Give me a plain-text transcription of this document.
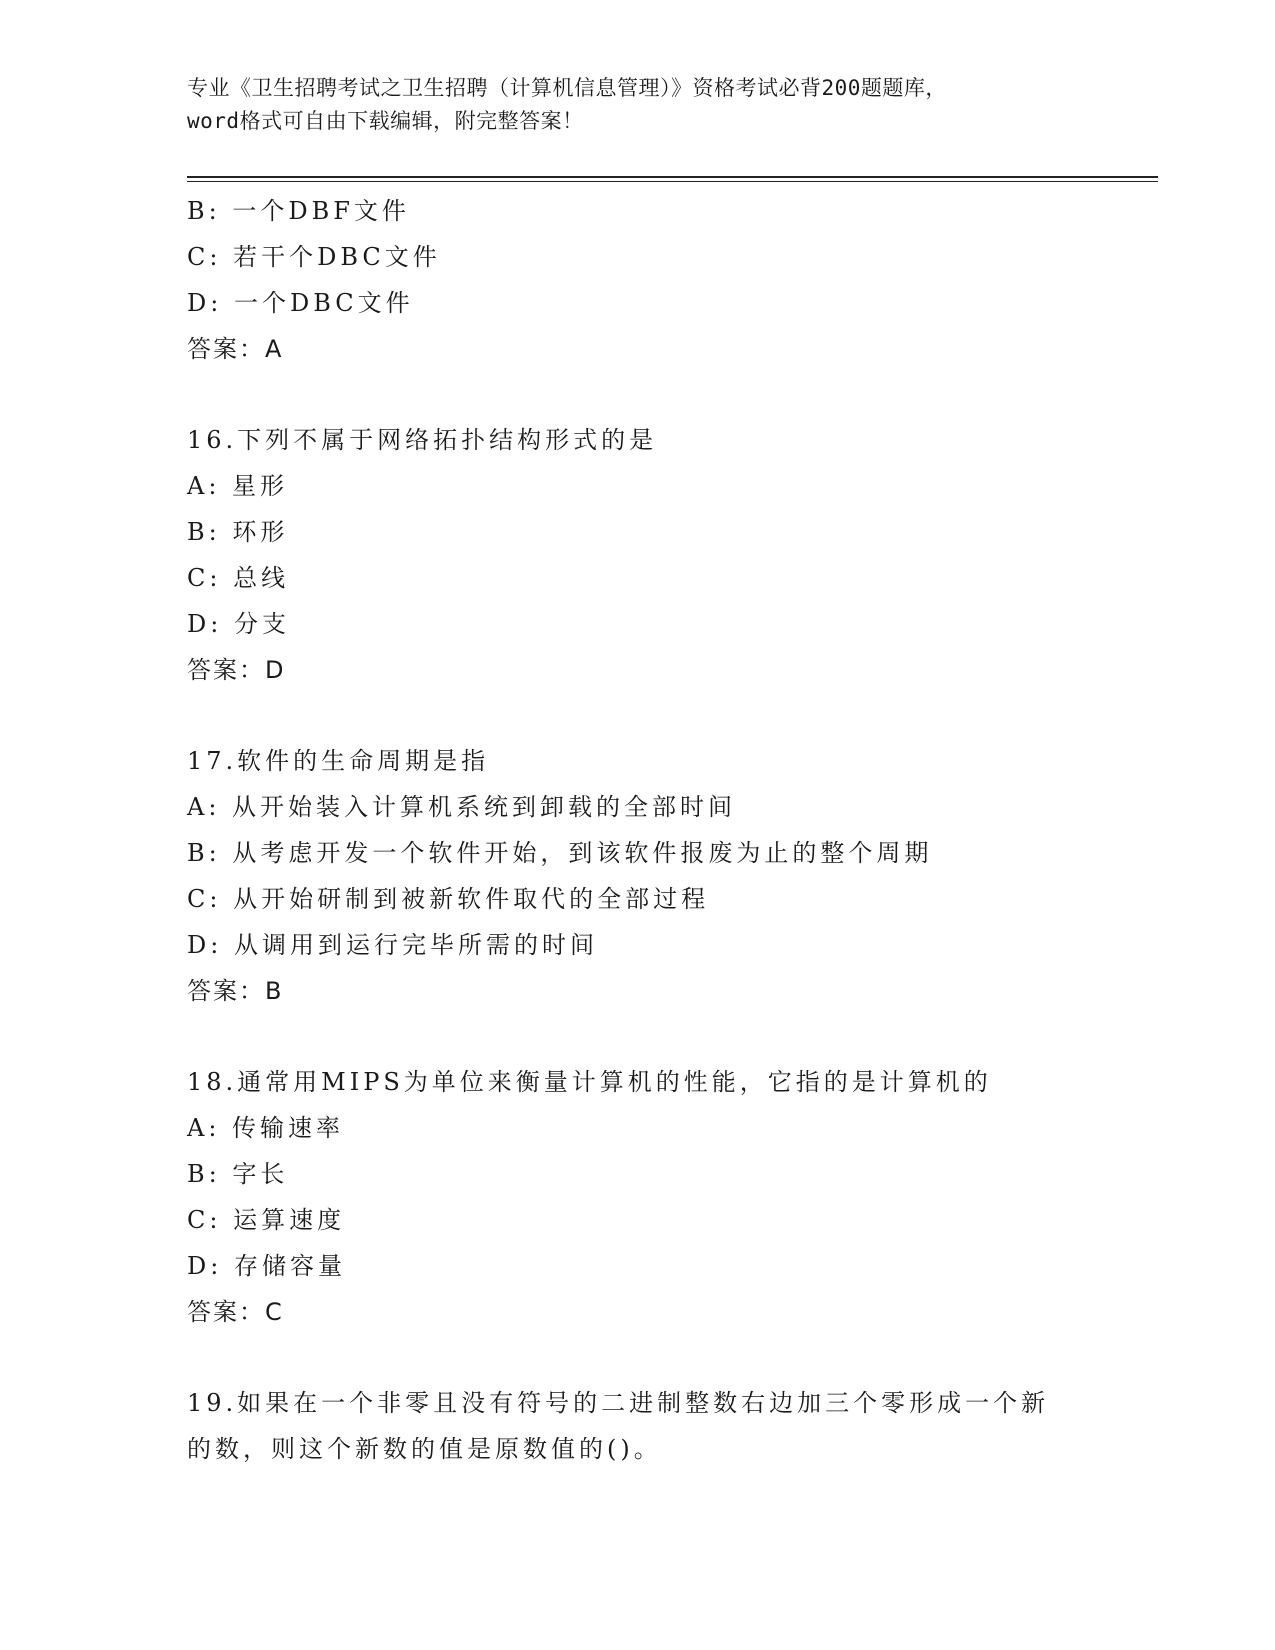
专业《卫生招聘考试之卫生招聘（计算机信息管理）》资格考试必背200题题库，
word格式可自由下载编辑，附完整答案！
B: 一个DBF文件
C: 若干个DBC文件
D: 一个DBC文件
答案：A
16.下列不属于网络拓扑结构形式的是
A: 星形
B: 环形
C: 总线
D: 分支
答案：D
17.软件的生命周期是指
A: 从开始装入计算机系统到卸载的全部时间
B: 从考虑开发一个软件开始，到该软件报废为止的整个周期
C: 从开始研制到被新软件取代的全部过程
D: 从调用到运行完毕所需的时间
答案：B
18.通常用MIPS为单位来衡量计算机的性能，它指的是计算机的
A: 传输速率
B: 字长
C: 运算速度
D: 存储容量
答案：C
19.如果在一个非零且没有符号的二进制整数右边加三个零形成一个新
的数，则这个新数的值是原数值的()。
